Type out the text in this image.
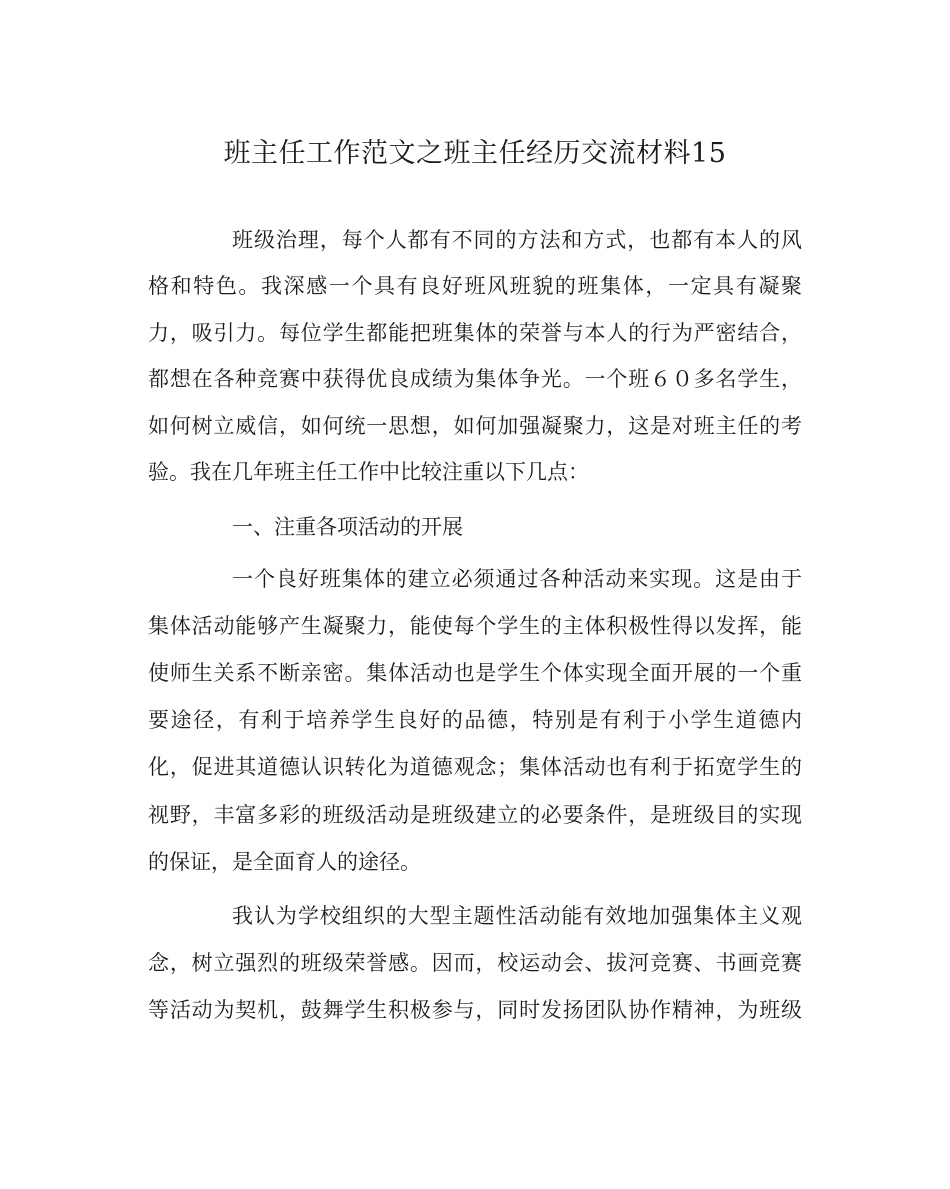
班主任工作范文之班主任经历交流材料15
班级治理，每个人都有不同的方法和方式，也都有本人的风
格和特色。我深感一个具有良好班风班貌的班集体，一定具有凝聚
力，吸引力。每位学生都能把班集体的荣誉与本人的行为严密结合，
都想在各种竞赛中获得优良成绩为集体争光。一个班６０多名学生，
如何树立威信，如何统一思想，如何加强凝聚力，这是对班主任的考
验。我在几年班主任工作中比较注重以下几点：
一、注重各项活动的开展
一个良好班集体的建立必须通过各种活动来实现。这是由于
集体活动能够产生凝聚力，能使每个学生的主体积极性得以发挥，能
使师生关系不断亲密。集体活动也是学生个体实现全面开展的一个重
要途径，有利于培养学生良好的品德，特别是有利于小学生道德内
化，促进其道德认识转化为道德观念；集体活动也有利于拓宽学生的
视野，丰富多彩的班级活动是班级建立的必要条件，是班级目的实现
的保证，是全面育人的途径。
我认为学校组织的大型主题性活动能有效地加强集体主义观
念，树立强烈的班级荣誉感。因而，校运动会、拔河竞赛、书画竞赛
等活动为契机，鼓舞学生积极参与，同时发扬团队协作精神，为班级
